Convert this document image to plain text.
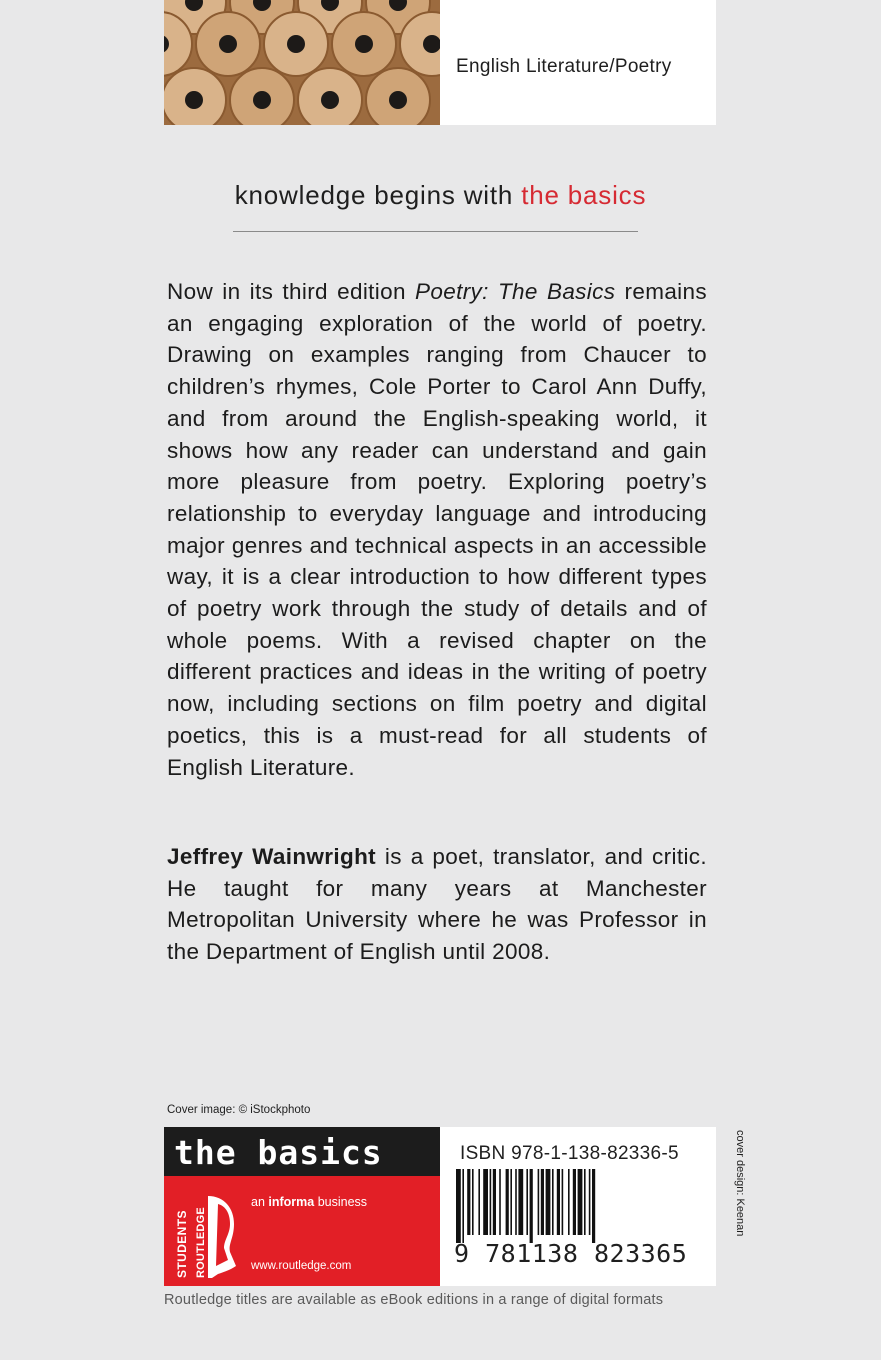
English Literature/Poetry
knowledge begins with the basics

Now in its third edition Poetry: The Basics remains an engaging exploration of the world of poetry. Drawing on examples ranging from Chaucer to children’s rhymes, Cole Porter to Carol Ann Duffy, and from around the English-speaking world, it shows how any reader can understand and gain more pleasure from poetry. Exploring poetry’s relationship to everyday language and introducing major genres and technical aspects in an accessible way, it is a clear introduction to how different types of poetry work through the study of details and of whole poems. With a revised chapter on the different practices and ideas in the writing of poetry now, including sections on film poetry and digital poetics, this is a must-read for all students of English Literature.

Jeffrey Wainwright is a poet, translator, and critic. He taught for many years at Manchester Metropolitan University where he was Professor in the Department of English until 2008.

Cover image: © iStockphoto
the basics
STUDENTS ROUTLEDGE
an informa business
www.routledge.com
ISBN 978-1-138-82336-5
9 781138 823365
cover design: Keenan
Routledge titles are available as eBook editions in a range of digital formats
